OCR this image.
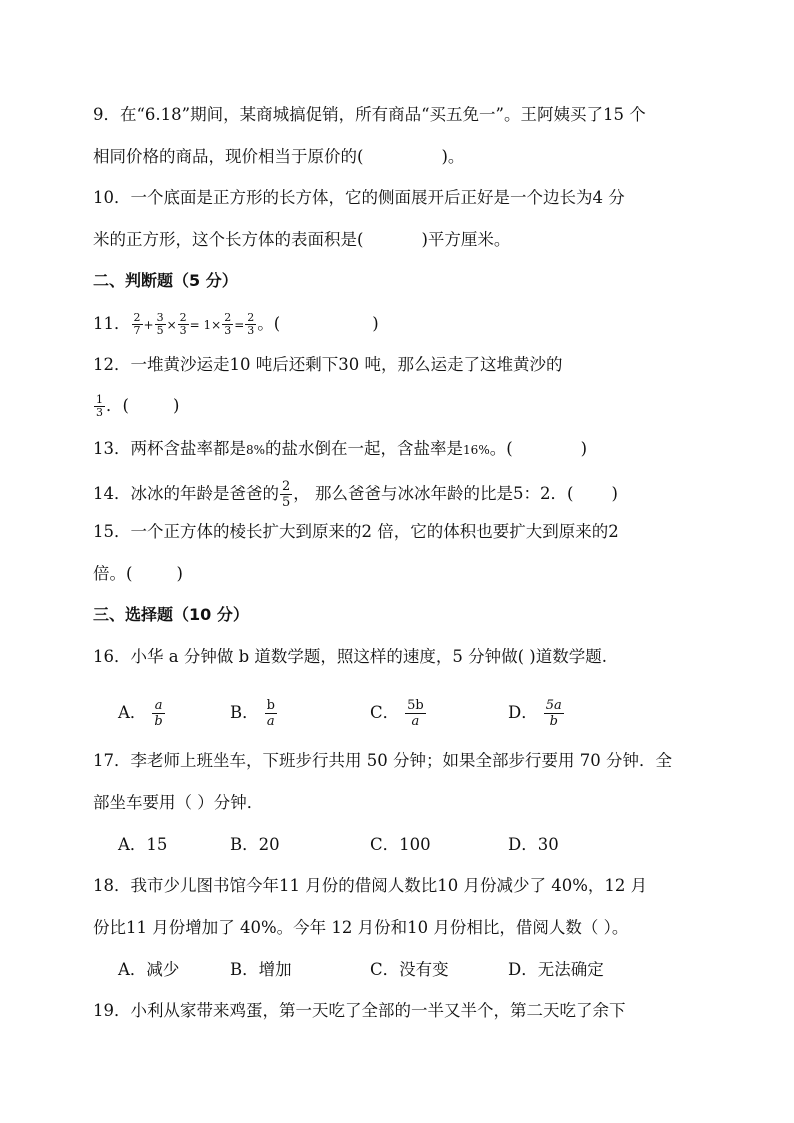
9．在“6.18”期间，某商城搞促销，所有商品“买五免一”。王阿姨买了15 个
相同价格的商品，现价相当于原价的(	)。
10．一个底面是正方形的长方体，它的侧面展开后正好是一个边长为4 分
米的正方形，这个长方体的表面积是(	)平方厘米。
二、判断题（5 分）
11． $\frac{2}{7} + \frac{3}{5} \times \frac{2}{3} = 1\times \frac{2}{3} = \frac{2}{3}$ 。(	)
12．一堆黄沙运走10 吨后还剩下30 吨，那么运走了这堆黄沙的
$\frac{1}{3}$ ．(	)
13．两杯含盐率都是8%的盐水倒在一起，含盐率是16%。(	)
14．冰冰的年龄是爸爸的 $\frac{2}{5}$ ， 那么爸爸与冰冰年龄的比是5：2．( )
15．一个正方体的棱长扩大到原来的2 倍，它的体积也要扩大到原来的2
倍。(	)
三、选择题（10 分）
16．小华 a 分钟做 b 道数学题，照这样的速度，5 分钟做( )道数学题.
A． $\frac{a}{b}$	B． $\frac{b}{a}$	C． $\frac{5b}{a}$	D． $\frac{5a}{b}$
17．李老师上班坐车，下班步行共用 50 分钟；如果全部步行要用 70 分钟．全
部坐车要用（ ）分钟．
A．15	B．20	C．100	D．30
18．我市少儿图书馆今年11 月份的借阅人数比10 月份减少了 40%，12 月
份比11 月份增加了 40%。今年 12 月份和10 月份相比，借阅人数（ ）。
A．减少	B．增加	C．没有变	D．无法确定
19．小利从家带来鸡蛋，第一天吃了全部的一半又半个，第二天吃了余下
